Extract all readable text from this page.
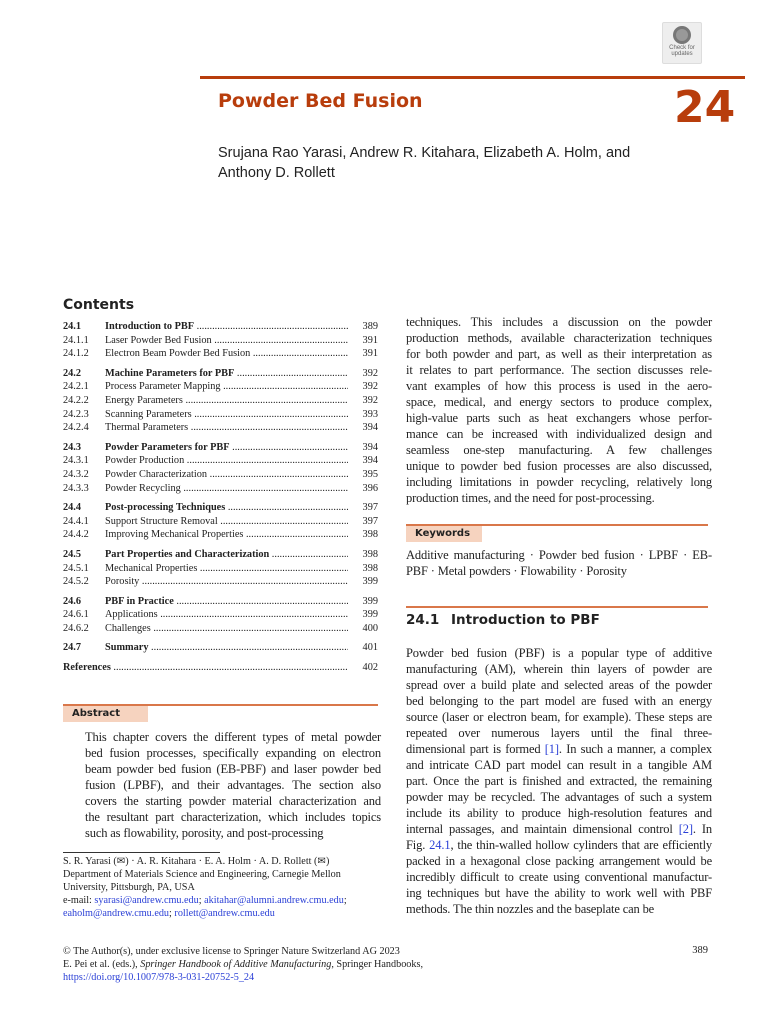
Check for
updates
Powder Bed Fusion	24
Srujana Rao Yarasi, Andrew R. Kitahara, Elizabeth A. Holm, and
Anthony D. Rollett
Contents
24.1	Introduction to PBF .....	389
24.1.1	Laser Powder Bed Fusion .....	391
24.1.2	Electron Beam Powder Bed Fusion .....	391
24.2	Machine Parameters for PBF .....	392
24.2.1	Process Parameter Mapping .....	392
24.2.2	Energy Parameters .....	392
24.2.3	Scanning Parameters .....	393
24.2.4	Thermal Parameters .....	394
24.3	Powder Parameters for PBF .....	394
24.3.1	Powder Production .....	394
24.3.2	Powder Characterization .....	395
24.3.3	Powder Recycling .....	396
24.4	Post-processing Techniques .....	397
24.4.1	Support Structure Removal .....	397
24.4.2	Improving Mechanical Properties .....	398
24.5	Part Properties and Characterization .....	398
24.5.1	Mechanical Properties .....	398
24.5.2	Porosity .....	399
24.6	PBF in Practice .....	399
24.6.1	Applications .....	399
24.6.2	Challenges .....	400
24.7	Summary .....	401
References .....	402
Abstract
This chapter covers the different types of metal powder
bed fusion processes, specifically expanding on electron
beam powder bed fusion (EB-PBF) and laser powder bed
fusion (LPBF), and their advantages. The section also
covers the starting powder material characterization and
the resultant part characterization, which includes topics
such as flowability, porosity, and post-processing
S. R. Yarasi (✉) · A. R. Kitahara · E. A. Holm · A. D. Rollett (✉)
Department of Materials Science and Engineering, Carnegie Mellon
University, Pittsburgh, PA, USA
e-mail: syarasi@andrew.cmu.edu; akitahar@alumni.andrew.cmu.edu;
eaholm@andrew.cmu.edu; rollett@andrew.cmu.edu
© The Author(s), under exclusive license to Springer Nature Switzerland AG 2023
E. Pei et al. (eds.), Springer Handbook of Additive Manufacturing, Springer Handbooks,
https://doi.org/10.1007/978-3-031-20752-5_24
389
techniques. This includes a discussion on the powder
production methods, available characterization techniques
for both powder and part, as well as their interpretation as
it relates to part performance. The section discusses rele-
vant examples of how this process is used in the aero-
space, medical, and energy sectors to produce complex,
high-value parts such as heat exchangers whose perfor-
mance can be increased with individualized design and
seamless one-step manufacturing. A few challenges
unique to powder bed fusion processes are also discussed,
including limitations in powder recycling, relatively long
production times, and the need for post-processing.
Keywords
Additive manufacturing · Powder bed fusion · LPBF · EB-
PBF · Metal powders · Flowability · Porosity
24.1 Introduction to PBF
Powder bed fusion (PBF) is a popular type of additive
manufacturing (AM), wherein thin layers of powder are
spread over a build plate and selected areas of the powder
bed belonging to the part model are fused with an energy
source (laser or electron beam, for example). These steps are
repeated over numerous layers until the final three-
dimensional part is formed [1]. In such a manner, a complex
and intricate CAD part model can result in a tangible AM
part. Once the part is finished and extracted, the remaining
powder may be recycled. The advantages of such a system
include its ability to produce high-resolution features and
internal passages, and maintain dimensional control [2]. In
Fig. 24.1, the thin-walled hollow cylinders that are efficiently
packed in a hexagonal close packing arrangement would be
incredibly difficult to create using conventional manufactur-
ing techniques but have the ability to work well with PBF
methods. The thin nozzles and the baseplate can be
